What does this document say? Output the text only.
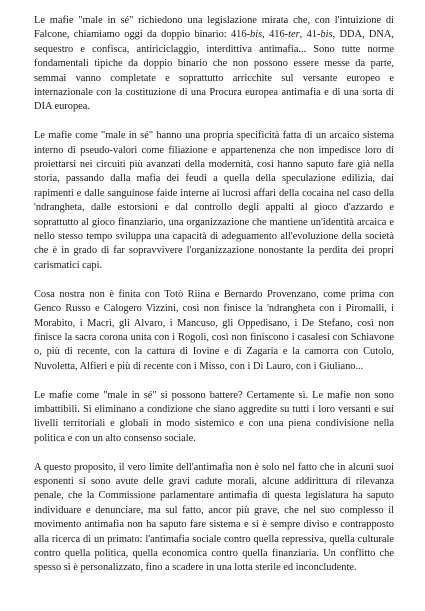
Le mafie "male in sé" richiedono una legislazione mirata che, con l'intuizione di Falcone, chiamiamo oggi da doppio binario: 416-bis, 416-ter, 41-bis, DDA, DNA, sequestro e confisca, antiriciclaggio, interdittiva antimafia... Sono tutte norme fondamentali tipiche da doppio binario che non possono essere messe da parte, semmai vanno completate e soprattutto arricchite sul versante europeo e internazionale con la costituzione di una Procura europea antimafia e di una sorta di DIA europea.

Le mafie come "male in sé" hanno una propria specificità fatta di un arcaico sistema interno di pseudo-valori come filiazione e appartenenza che non impedisce loro di proiettarsi nei circuiti più avanzati della modernità, così hanno saputo fare già nella storia, passando dalla mafia dei feudi a quella della speculazione edilizia, dai rapimenti e dalle sanguinose faide interne ai lucrosi affari della cocaina nel caso della 'ndrangheta, dalle estorsioni e dal controllo degli appalti al gioco d'azzardo e soprattutto al gioco finanziario, una organizzazione che mantiene un'identità arcaica e nello stesso tempo sviluppa una capacità di adeguamento all'evoluzione della società che è in grado di far sopravvivere l'organizzazione nonostante la perdita dei propri carismatici capi.

Cosa nostra non è finita con Totò Riina e Bernardo Provenzano, come prima con Genco Russo e Calogero Vizzini, così non finisce la 'ndrangheta con i Piromalli, i Morabito, i Macrì, gli Alvaro, i Mancuso, gli Oppedisano, i De Stefano, così non finisce la sacra corona unita con i Rogoli, così non finiscono i casalesi con Schiavone o, più di recente, con la cattura di Iovine e di Zagaria e la camorra con Cutolo, Nuvoletta, Alfieri e più di recente con i Misso, con i Di Lauro, con i Giuliano...

Le mafie come "male in sé" si possono battere? Certamente sì. Le mafie non sono imbattibili. Si eliminano a condizione che siano aggredite su tutti i loro versanti e sui livelli territoriali e globali in modo sistemico e con una piena condivisione nella politica e con un alto consenso sociale.

A questo proposito, il vero limite dell'antimafia non è solo nel fatto che in alcuni suoi esponenti si sono avute delle gravi cadute morali, alcune addirittura di rilevanza penale, che la Commissione parlamentare antimafia di questa legislatura ha saputo individuare e denunciare, ma sul fatto, ancor più grave, che nel suo complesso il movimento antimafia non ha saputo fare sistema e si è sempre diviso e contrapposto alla ricerca di un primato: l'antimafia sociale contro quella repressiva, quella culturale contro quella politica, quella economica contro quella finanziaria. Un conflitto che spesso si è personalizzato, fino a scadere in una lotta sterile ed inconcludente.
